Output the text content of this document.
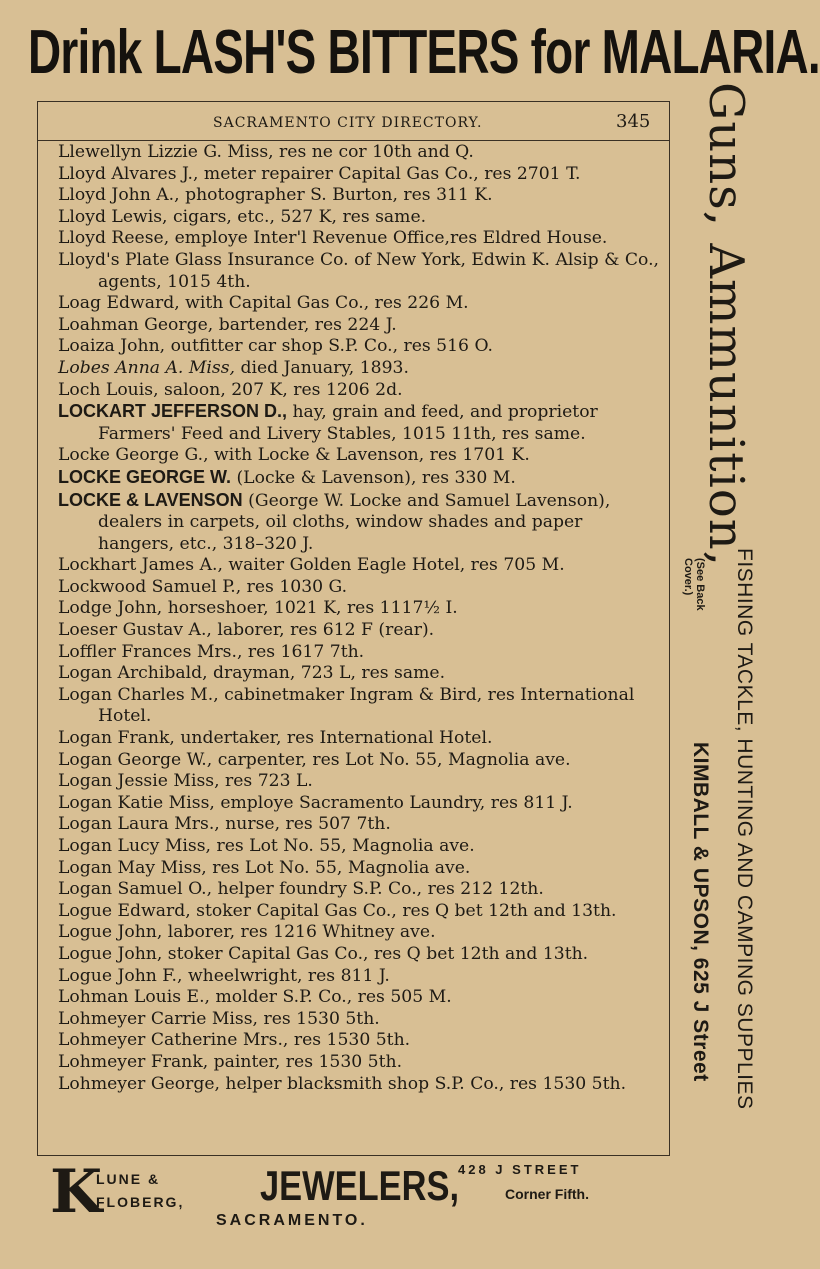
Drink LASH'S BITTERS for MALARIA.
SACRAMENTO CITY DIRECTORY.	345
Llewellyn Lizzie G. Miss, res ne cor 10th and Q.
Lloyd Alvares J., meter repairer Capital Gas Co., res 2701 T.
Lloyd John A., photographer S. Burton, res 311 K.
Lloyd Lewis, cigars, etc., 527 K, res same.
Lloyd Reese, employe Inter'l Revenue Office,res Eldred House.
Lloyd's Plate Glass Insurance Co. of New York, Edwin K. Alsip & Co., agents, 1015 4th.
Loag Edward, with Capital Gas Co., res 226 M.
Loahman George, bartender, res 224 J.
Loaiza John, outfitter car shop S.P. Co., res 516 O.
Lobes Anna A. Miss, died January, 1893.
Loch Louis, saloon, 207 K, res 1206 2d.
LOCKART JEFFERSON D., hay, grain and feed, and proprietor Farmers' Feed and Livery Stables, 1015 11th, res same.
Locke George G., with Locke & Lavenson, res 1701 K.
LOCKE GEORGE W. (Locke & Lavenson), res 330 M.
LOCKE & LAVENSON (George W. Locke and Samuel Lavenson), dealers in carpets, oil cloths, window shades and paper hangers, etc., 318–320 J.
Lockhart James A., waiter Golden Eagle Hotel, res 705 M.
Lockwood Samuel P., res 1030 G.
Lodge John, horseshoer, 1021 K, res 1117½ I.
Loeser Gustav A., laborer, res 612 F (rear).
Loffler Frances Mrs., res 1617 7th.
Logan Archibald, drayman, 723 L, res same.
Logan Charles M., cabinetmaker Ingram & Bird, res International Hotel.
Logan Frank, undertaker, res International Hotel.
Logan George W., carpenter, res Lot No. 55, Magnolia ave.
Logan Jessie Miss, res 723 L.
Logan Katie Miss, employe Sacramento Laundry, res 811 J.
Logan Laura Mrs., nurse, res 507 7th.
Logan Lucy Miss, res Lot No. 55, Magnolia ave.
Logan May Miss, res Lot No. 55, Magnolia ave.
Logan Samuel O., helper foundry S.P. Co., res 212 12th.
Logue Edward, stoker Capital Gas Co., res Q bet 12th and 13th.
Logue John, laborer, res 1216 Whitney ave.
Logue John, stoker Capital Gas Co., res Q bet 12th and 13th.
Logue John F., wheelwright, res 811 J.
Lohman Louis E., molder S.P. Co., res 505 M.
Lohmeyer Carrie Miss, res 1530 5th.
Lohmeyer Catherine Mrs., res 1530 5th.
Lohmeyer Frank, painter, res 1530 5th.
Lohmeyer George, helper blacksmith shop S.P. Co., res 1530 5th.
K
LUNE &
FLOBERG, JEWELERS,
428 J STREET
Corner Fifth.
SACRAMENTO.
Guns, Ammunition,
(See Back
Cover.) FISHING TACKLE, HUNTING AND CAMPING SUPPLIES
KIMBALL & UPSON, 625 J Street
